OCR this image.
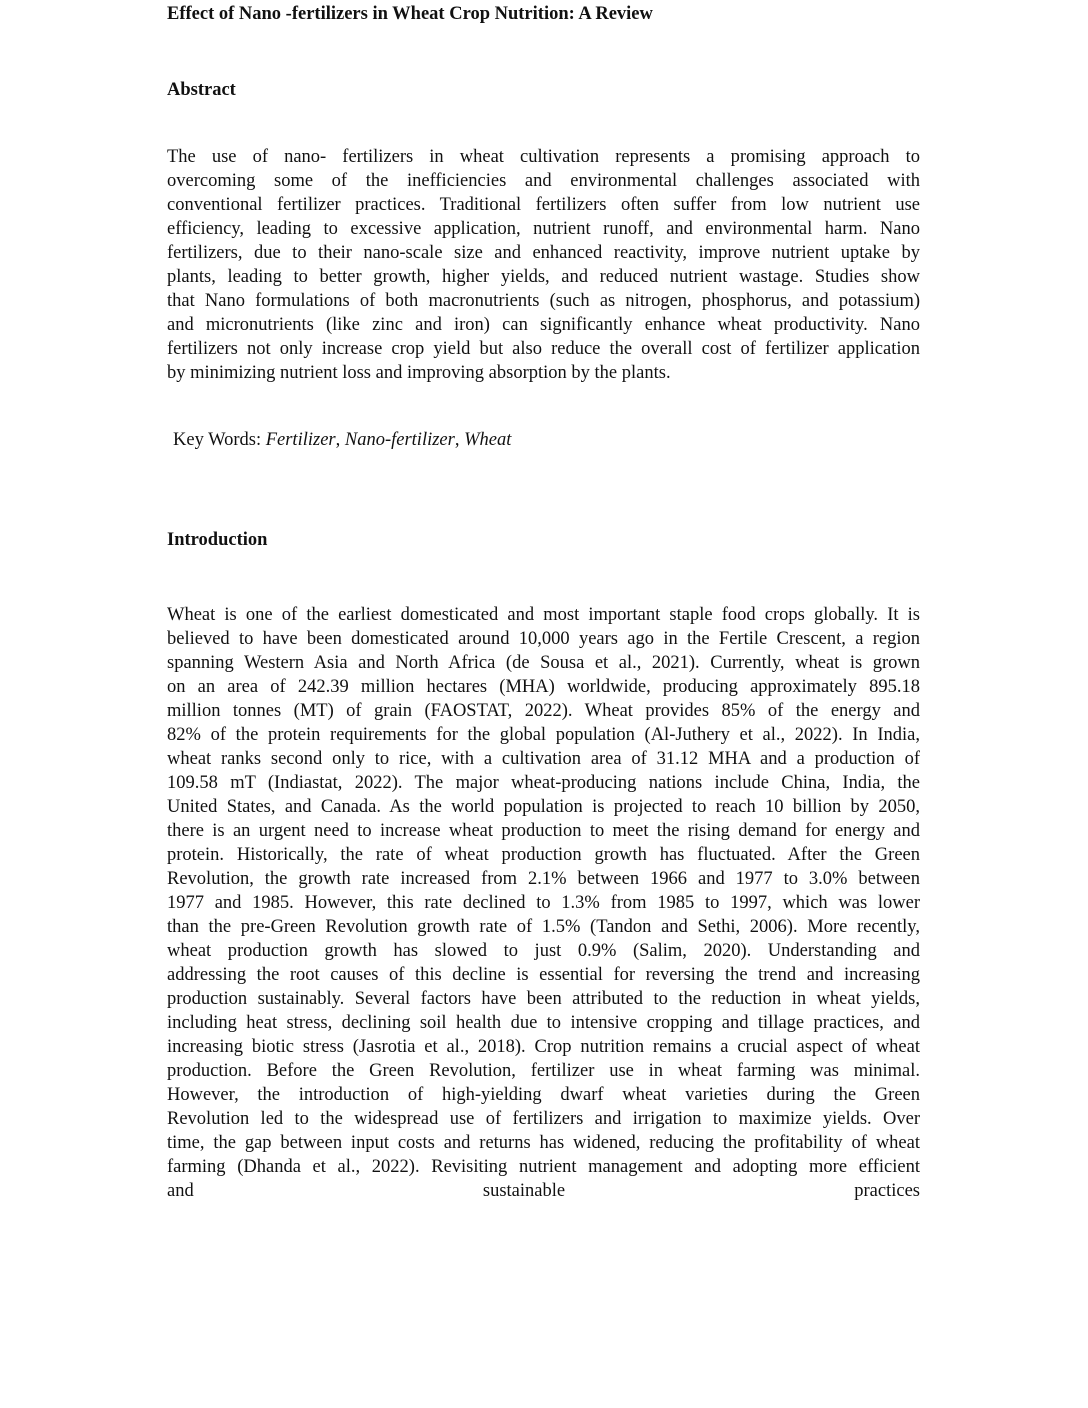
Effect of Nano -fertilizers in Wheat Crop Nutrition: A Review
Abstract
The use of nano- fertilizers in wheat cultivation represents a promising approach to
overcoming some of the inefficiencies and environmental challenges associated with
conventional fertilizer practices. Traditional fertilizers often suffer from low nutrient use
efficiency, leading to excessive application, nutrient runoff, and environmental harm. Nano
fertilizers, due to their nano-scale size and enhanced reactivity, improve nutrient uptake by
plants, leading to better growth, higher yields, and reduced nutrient wastage. Studies show
that Nano formulations of both macronutrients (such as nitrogen, phosphorus, and potassium)
and micronutrients (like zinc and iron) can significantly enhance wheat productivity. Nano
fertilizers not only increase crop yield but also reduce the overall cost of fertilizer application
by minimizing nutrient loss and improving absorption by the plants.
Key Words: Fertilizer, Nano-fertilizer, Wheat
Introduction
Wheat is one of the earliest domesticated and most important staple food crops globally. It is
believed to have been domesticated around 10,000 years ago in the Fertile Crescent, a region
spanning Western Asia and North Africa (de Sousa et al., 2021). Currently, wheat is grown
on an area of 242.39 million hectares (MHA) worldwide, producing approximately 895.18
million tonnes (MT) of grain (FAOSTAT, 2022). Wheat provides 85% of the energy and
82% of the protein requirements for the global population (Al-Juthery et al., 2022). In India,
wheat ranks second only to rice, with a cultivation area of 31.12 MHA and a production of
109.58 mT (Indiastat, 2022). The major wheat-producing nations include China, India, the
United States, and Canada. As the world population is projected to reach 10 billion by 2050,
there is an urgent need to increase wheat production to meet the rising demand for energy and
protein. Historically, the rate of wheat production growth has fluctuated. After the Green
Revolution, the growth rate increased from 2.1% between 1966 and 1977 to 3.0% between
1977 and 1985. However, this rate declined to 1.3% from 1985 to 1997, which was lower
than the pre-Green Revolution growth rate of 1.5% (Tandon and Sethi, 2006). More recently,
wheat production growth has slowed to just 0.9% (Salim, 2020). Understanding and
addressing the root causes of this decline is essential for reversing the trend and increasing
production sustainably. Several factors have been attributed to the reduction in wheat yields,
including heat stress, declining soil health due to intensive cropping and tillage practices, and
increasing biotic stress (Jasrotia et al., 2018). Crop nutrition remains a crucial aspect of wheat
production. Before the Green Revolution, fertilizer use in wheat farming was minimal.
However, the introduction of high-yielding dwarf wheat varieties during the Green
Revolution led to the widespread use of fertilizers and irrigation to maximize yields. Over
time, the gap between input costs and returns has widened, reducing the profitability of wheat
farming (Dhanda et al., 2022). Revisiting nutrient management and adopting more efficient
and sustainable practices
